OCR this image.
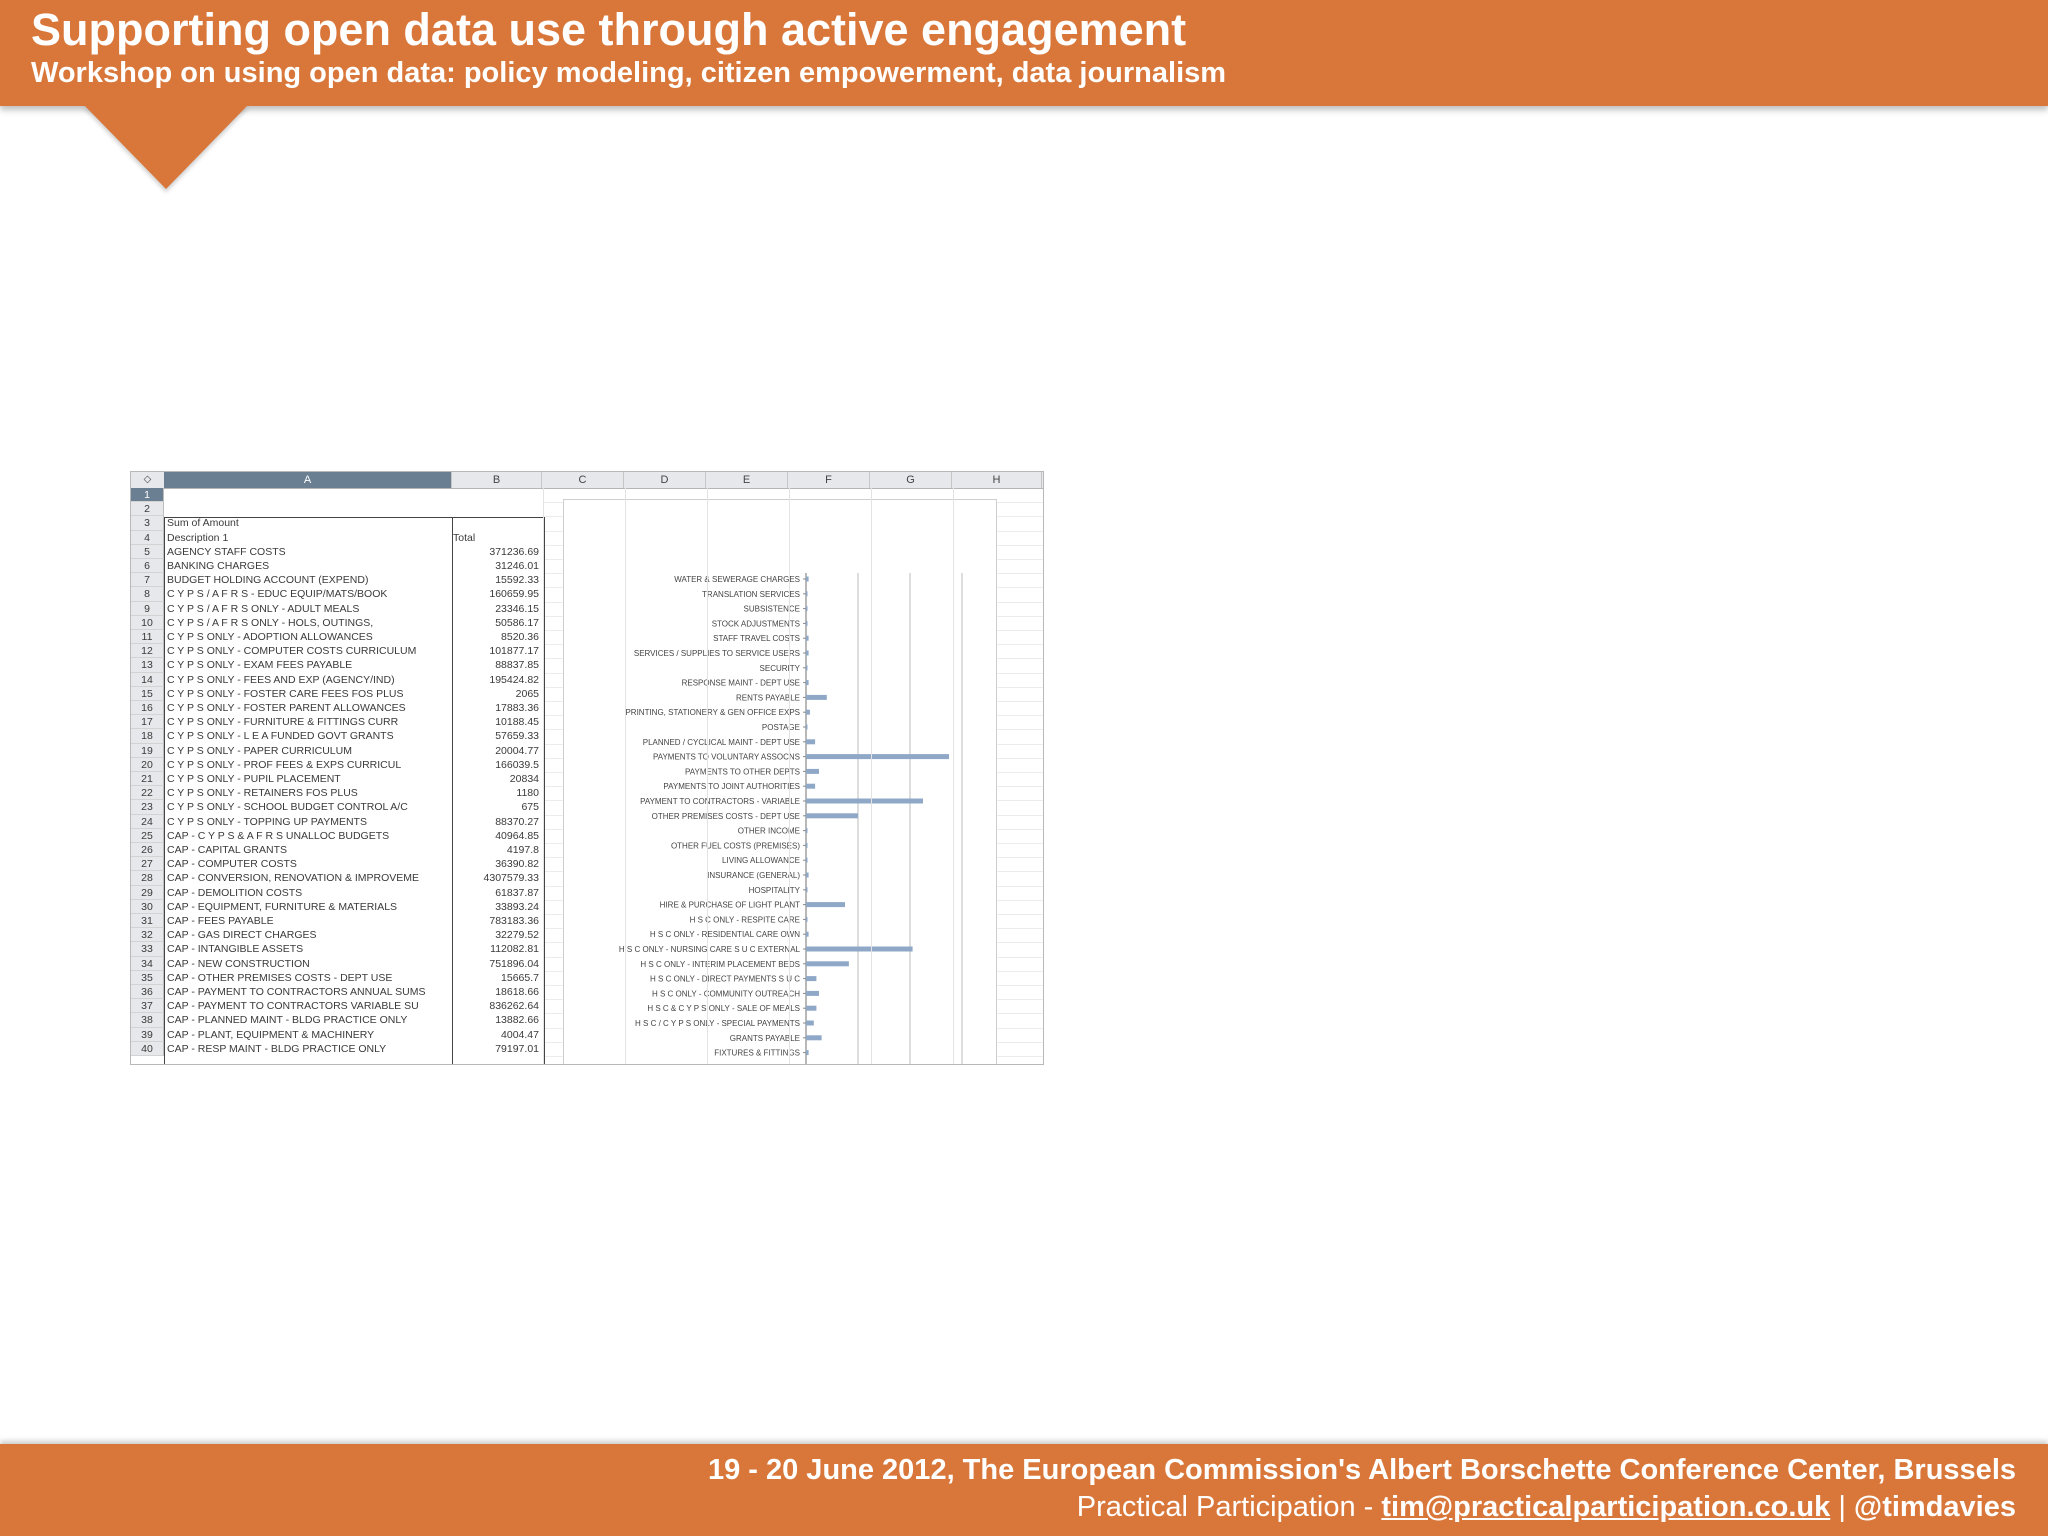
Supporting open data use through active engagement
Workshop on using open data: policy modeling, citizen empowerment, data journalism
◇	A	B	C	D	E	F	G	H
1
2
3	Sum of Amount
4	Description 1	Total
5	AGENCY STAFF COSTS	371236.69
6	BANKING CHARGES	31246.01
7	BUDGET HOLDING ACCOUNT (EXPEND)	15592.33
8	C Y P S / A F R S - EDUC EQUIP/MATS/BOOK	160659.95
9	C Y P S / A F R S ONLY - ADULT MEALS	23346.15
10	C Y P S / A F R S ONLY - HOLS, OUTINGS,	50586.17
11	C Y P S ONLY - ADOPTION ALLOWANCES	8520.36
12	C Y P S ONLY - COMPUTER COSTS CURRICULUM	101877.17
13	C Y P S ONLY - EXAM FEES PAYABLE	88837.85
14	C Y P S ONLY - FEES AND EXP (AGENCY/IND)	195424.82
15	C Y P S ONLY - FOSTER CARE FEES FOS PLUS	2065
16	C Y P S ONLY - FOSTER PARENT ALLOWANCES	17883.36
17	C Y P S ONLY - FURNITURE & FITTINGS CURR	10188.45
18	C Y P S ONLY - L E A FUNDED GOVT GRANTS	57659.33
19	C Y P S ONLY - PAPER CURRICULUM	20004.77
20	C Y P S ONLY - PROF FEES & EXPS CURRICUL	166039.5
21	C Y P S ONLY - PUPIL PLACEMENT	20834
22	C Y P S ONLY - RETAINERS FOS PLUS	1180
23	C Y P S ONLY - SCHOOL BUDGET CONTROL A/C	675
24	C Y P S ONLY - TOPPING UP PAYMENTS	88370.27
25	CAP - C Y P S & A F R S UNALLOC BUDGETS	40964.85
26	CAP - CAPITAL GRANTS	4197.8
27	CAP - COMPUTER COSTS	36390.82
28	CAP - CONVERSION, RENOVATION & IMPROVEME	4307579.33
29	CAP - DEMOLITION COSTS	61837.87
30	CAP - EQUIPMENT, FURNITURE & MATERIALS	33893.24
31	CAP - FEES PAYABLE	783183.36
32	CAP - GAS DIRECT CHARGES	32279.52
33	CAP - INTANGIBLE ASSETS	112082.81
34	CAP - NEW CONSTRUCTION	751896.04
35	CAP - OTHER PREMISES COSTS - DEPT USE	15665.7
36	CAP - PAYMENT TO CONTRACTORS ANNUAL SUMS	18618.66
37	CAP - PAYMENT TO CONTRACTORS VARIABLE SU	836262.64
38	CAP - PLANNED MAINT - BLDG PRACTICE ONLY	13882.66
39	CAP - PLANT, EQUIPMENT & MACHINERY	4004.47
40	CAP - RESP MAINT - BLDG PRACTICE ONLY	79197.01
WATER & SEWERAGE CHARGES
TRANSLATION SERVICES
SUBSISTENCE
STOCK ADJUSTMENTS
STAFF TRAVEL COSTS
SERVICES / SUPPLIES TO SERVICE USERS
SECURITY
RESPONSE MAINT - DEPT USE
RENTS PAYABLE
PRINTING, STATIONERY & GEN OFFICE EXPS
POSTAGE
PLANNED / CYCLICAL MAINT - DEPT USE
PAYMENTS TO VOLUNTARY ASSOCNS
PAYMENTS TO OTHER DEPTS
PAYMENTS TO JOINT AUTHORITIES
PAYMENT TO CONTRACTORS - VARIABLE
OTHER PREMISES COSTS - DEPT USE
OTHER INCOME
OTHER FUEL COSTS (PREMISES)
LIVING ALLOWANCE
INSURANCE (GENERAL)
HOSPITALITY
HIRE & PURCHASE OF LIGHT PLANT
H S C ONLY - RESPITE CARE
H S C ONLY - RESIDENTIAL CARE OWN
H S C ONLY - NURSING CARE S U C EXTERNAL
H S C ONLY - INTERIM PLACEMENT BEDS
H S C ONLY - DIRECT PAYMENTS S U C
H S C ONLY - COMMUNITY OUTREACH
H S C & C Y P S ONLY - SALE OF MEALS
H S C / C Y P S ONLY - SPECIAL PAYMENTS
GRANTS PAYABLE
FIXTURES & FITTINGS
19 - 20 June 2012, The European Commission's Albert Borschette Conference Center, Brussels
Practical Participation - tim@practicalparticipation.co.uk | @timdavies
